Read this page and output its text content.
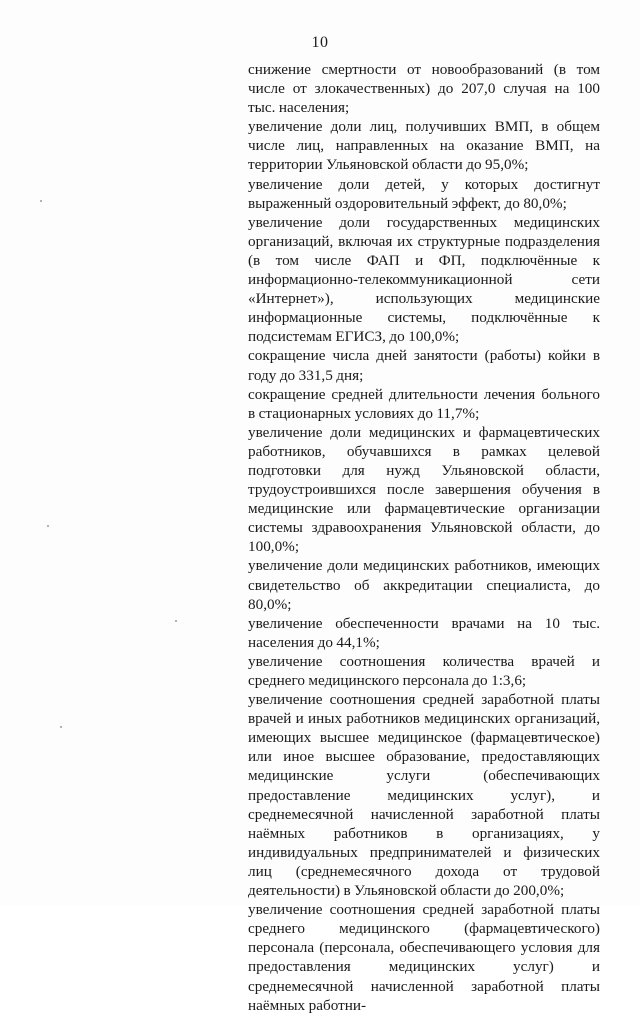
10

снижение смертности от новообразований (в том числе от злокачественных) до 207,0 случая на 100 тыс. населения;

увеличение доли лиц, получивших ВМП, в общем числе лиц, направленных на оказание ВМП, на территории Ульяновской области до 95,0%;

увеличение доли детей, у которых достигнут выраженный оздоровительный эффект, до 80,0%;

увеличение доли государственных медицинских организаций, включая их структурные подразделения (в том числе ФАП и ФП, подключённые к информационно-телекоммуникационной сети «Интернет»), использующих медицинские информационные системы, подключённые к подсистемам ЕГИСЗ, до 100,0%;

сокращение числа дней занятости (работы) койки в году до 331,5 дня;

сокращение средней длительности лечения больного в стационарных условиях до 11,7%;

увеличение доли медицинских и фармацевтических работников, обучавшихся в рамках целевой подготовки для нужд Ульяновской области, трудоустроившихся после завершения обучения в медицинские или фармацевтические организации системы здравоохранения Ульяновской области, до 100,0%;

увеличение доли медицинских работников, имеющих свидетельство об аккредитации специалиста, до 80,0%;

увеличение обеспеченности врачами на 10 тыс. населения до 44,1%;

увеличение соотношения количества врачей и среднего медицинского персонала до 1:3,6;

увеличение соотношения средней заработной платы врачей и иных работников медицинских организаций, имеющих высшее медицинское (фармацевтическое) или иное высшее образование, предоставляющих медицинские услуги (обеспечивающих предоставление медицинских услуг), и среднемесячной начисленной заработной платы наёмных работников в организациях, у индивидуальных предпринимателей и физических лиц (среднемесячного дохода от трудовой деятельности) в Ульяновской области до 200,0%;

увеличение соотношения средней заработной платы среднего медицинского (фармацевтического) персонала (персонала, обеспечивающего условия для предоставления медицинских услуг) и среднемесячной начисленной заработной платы наёмных работни-
